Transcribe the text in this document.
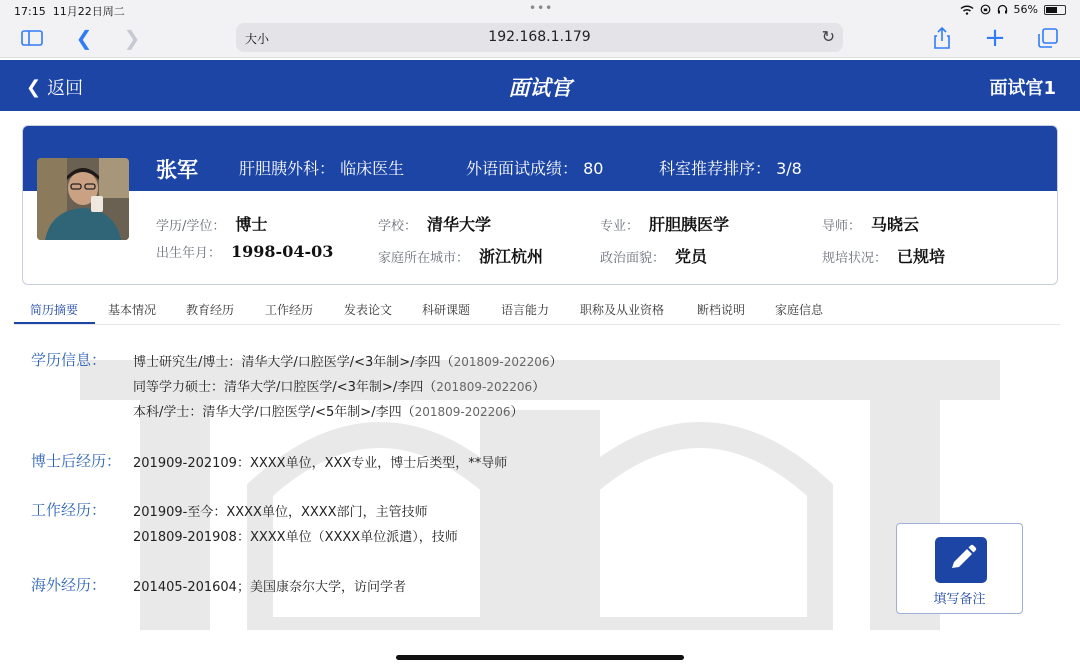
17:15 11月22日周二	•••	56%
❮ ❯	大小	192.168.1.179	↻	+
❮ 返回	面试官	面试官1
张军	肝胆胰外科： 临床医生	外语面试成绩： 80	科室推荐排序： 3/8
学历/学位： 博士	学校： 清华大学	专业： 肝胆胰医学	导师： 马晓云
出生年月： 1998-04-03	家庭所在城市： 浙江杭州	政治面貌： 党员	规培状况： 已规培
简历摘要 基本情况 教育经历	工作经历	发表论文 科研课题	语言能力	职称及从业资格	断档说明 家庭信息
学历信息： 博士研究生/博士：清华大学/口腔医学/<3年制>/李四（201809-202206）
同等学力硕士：清华大学/口腔医学/<3年制>/李四（201809-202206）
本科/学士：清华大学/口腔医学/<5年制>/李四（201809-202206）
博士后经历： 201909-202109：XXXX单位，XXX专业，博士后类型，**导师
工作经历： 201909-至今：XXXX单位，XXXX部门，主管技师
201809-201908：XXXX单位（XXXX单位派遣），技师
海外经历： 201405-201604；美国康奈尔大学，访问学者
填写备注
